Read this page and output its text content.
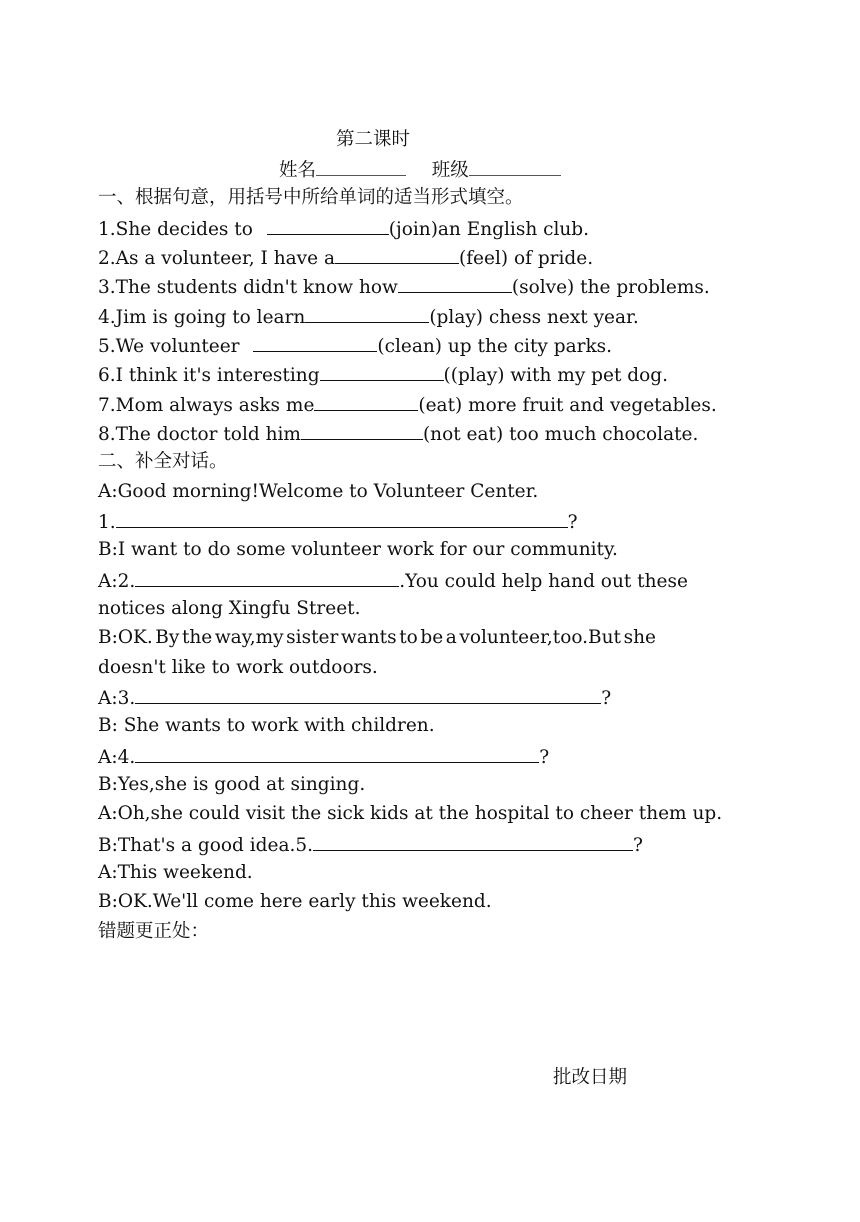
第二课时
姓名	班级
一、根据句意，用括号中所给单词的适当形式填空。
1.She decides to	(join)an English club.
2.As a volunteer, I have a	(feel) of pride.
3.The students didn't know how	(solve) the problems.
4.Jim is going to learn	(play) chess next year.
5.We volunteer	(clean) up the city parks.
6.I think it's interesting	((play) with my pet dog.
7.Mom always asks me	(eat) more fruit and vegetables.
8.The doctor told him	(not eat) too much chocolate.
二、补全对话。
A:Good morning!Welcome to Volunteer Center.
1.	?
B:I want to do some volunteer work for our community.
A:2.	.You could help hand out these
notices along Xingfu Street.
B:OK. By the way,my sister wants to be a volunteer,too.But she
doesn't like to work outdoors.
A:3.	?
B: She wants to work with children.
A:4.	?
B:Yes,she is good at singing.
A:Oh,she could visit the sick kids at the hospital to cheer them up.
B:That's a good idea.5.	?
A:This weekend.
B:OK.We'll come here early this weekend.
错题更正处：
批改日期
